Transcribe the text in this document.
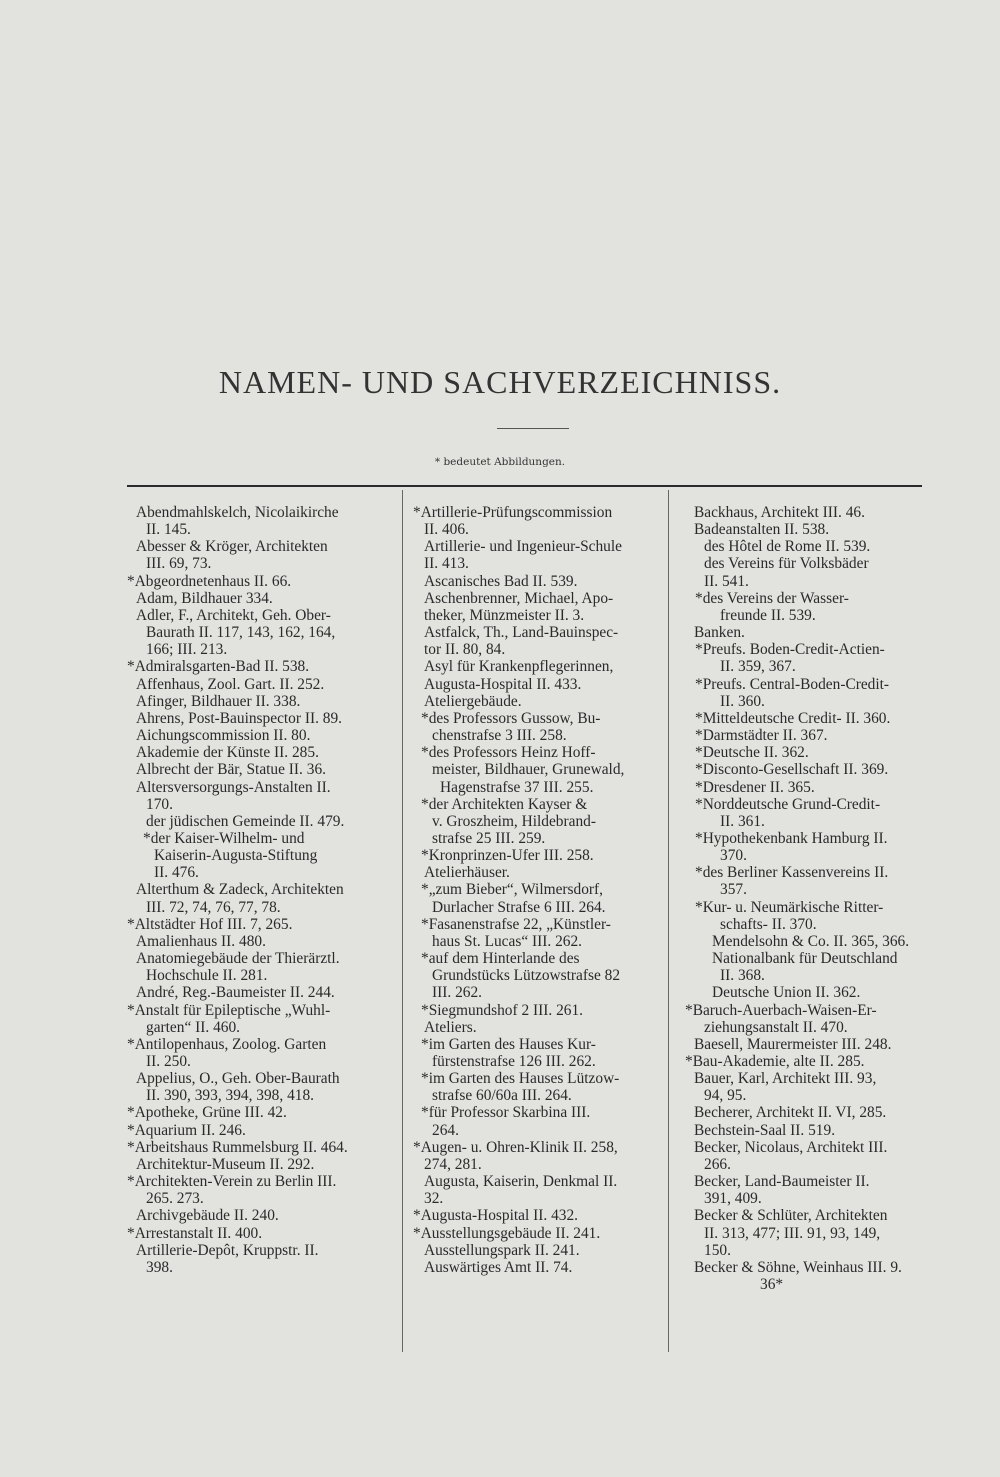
NAMEN- UND SACHVERZEICHNISS.
* bedeutet Abbildungen.
Abendmahlskelch, Nicolaikirche
II. 145.
Abesser & Kröger, Architekten
III. 69, 73.
*Abgeordnetenhaus II. 66.
Adam, Bildhauer 334.
Adler, F., Architekt, Geh. Ober-
Baurath II. 117, 143, 162, 164,
166; III. 213.
*Admiralsgarten-Bad II. 538.
Affenhaus, Zool. Gart. II. 252.
Afinger, Bildhauer II. 338.
Ahrens, Post-Bauinspector II. 89.
Aichungscommission II. 80.
Akademie der Künste II. 285.
Albrecht der Bär, Statue II. 36.
Altersversorgungs-Anstalten II.
170.
der jüdischen Gemeinde II. 479.
*der Kaiser-Wilhelm- und
Kaiserin-Augusta-Stiftung
II. 476.
Alterthum & Zadeck, Architekten
III. 72, 74, 76, 77, 78.
*Altstädter Hof III. 7, 265.
Amalienhaus II. 480.
Anatomiegebäude der Thierärztl.
Hochschule II. 281.
André, Reg.-Baumeister II. 244.
*Anstalt für Epileptische „Wuhl-
garten“ II. 460.
*Antilopenhaus, Zoolog. Garten
II. 250.
Appelius, O., Geh. Ober-Baurath
II. 390, 393, 394, 398, 418.
*Apotheke, Grüne III. 42.
*Aquarium II. 246.
*Arbeitshaus Rummelsburg II. 464.
Architektur-Museum II. 292.
*Architekten-Verein zu Berlin III.
265. 273.
Archivgebäude II. 240.
*Arrestanstalt II. 400.
Artillerie-Depôt, Kruppstr. II.
398.
*Artillerie-Prüfungscommission
II. 406.
Artillerie- und Ingenieur-Schule
II. 413.
Ascanisches Bad II. 539.
Aschenbrenner, Michael, Apo-
theker, Münzmeister II. 3.
Astfalck, Th., Land-Bauinspec-
tor II. 80, 84.
Asyl für Krankenpflegerinnen,
Augusta-Hospital II. 433.
Ateliergebäude.
*des Professors Gussow, Bu-
chenstrafse 3 III. 258.
*des Professors Heinz Hoff-
meister, Bildhauer, Grunewald,
Hagenstrafse 37 III. 255.
*der Architekten Kayser &
v. Groszheim, Hildebrand-
strafse 25 III. 259.
*Kronprinzen-Ufer III. 258.
Atelierhäuser.
*„zum Bieber“, Wilmersdorf,
Durlacher Strafse 6 III. 264.
*Fasanenstrafse 22, „Künstler-
haus St. Lucas“ III. 262.
*auf dem Hinterlande des
Grundstücks Lützowstrafse 82
III. 262.
*Siegmundshof 2 III. 261.
Ateliers.
*im Garten des Hauses Kur-
fürstenstrafse 126 III. 262.
*im Garten des Hauses Lützow-
strafse 60/60a III. 264.
*für Professor Skarbina III.
264.
*Augen- u. Ohren-Klinik II. 258,
274, 281.
Augusta, Kaiserin, Denkmal II.
32.
*Augusta-Hospital II. 432.
*Ausstellungsgebäude II. 241.
Ausstellungspark II. 241.
Auswärtiges Amt II. 74.
Backhaus, Architekt III. 46.
Badeanstalten II. 538.
des Hôtel de Rome II. 539.
des Vereins für Volksbäder
II. 541.
*des Vereins der Wasser-
freunde II. 539.
Banken.
*Preufs. Boden-Credit-Actien-
II. 359, 367.
*Preufs. Central-Boden-Credit-
II. 360.
*Mitteldeutsche Credit- II. 360.
*Darmstädter II. 367.
*Deutsche II. 362.
*Disconto-Gesellschaft II. 369.
*Dresdener II. 365.
*Norddeutsche Grund-Credit-
II. 361.
*Hypothekenbank Hamburg II.
370.
*des Berliner Kassenvereins II.
357.
*Kur- u. Neumärkische Ritter-
schafts- II. 370.
Mendelsohn & Co. II. 365, 366.
Nationalbank für Deutschland
II. 368.
Deutsche Union II. 362.
*Baruch-Auerbach-Waisen-Er-
ziehungsanstalt II. 470.
Baesell, Maurermeister III. 248.
*Bau-Akademie, alte II. 285.
Bauer, Karl, Architekt III. 93,
94, 95.
Becherer, Architekt II. VI, 285.
Bechstein-Saal II. 519.
Becker, Nicolaus, Architekt III.
266.
Becker, Land-Baumeister II.
391, 409.
Becker & Schlüter, Architekten
II. 313, 477; III. 91, 93, 149,
150.
Becker & Söhne, Weinhaus III. 9.
36*
